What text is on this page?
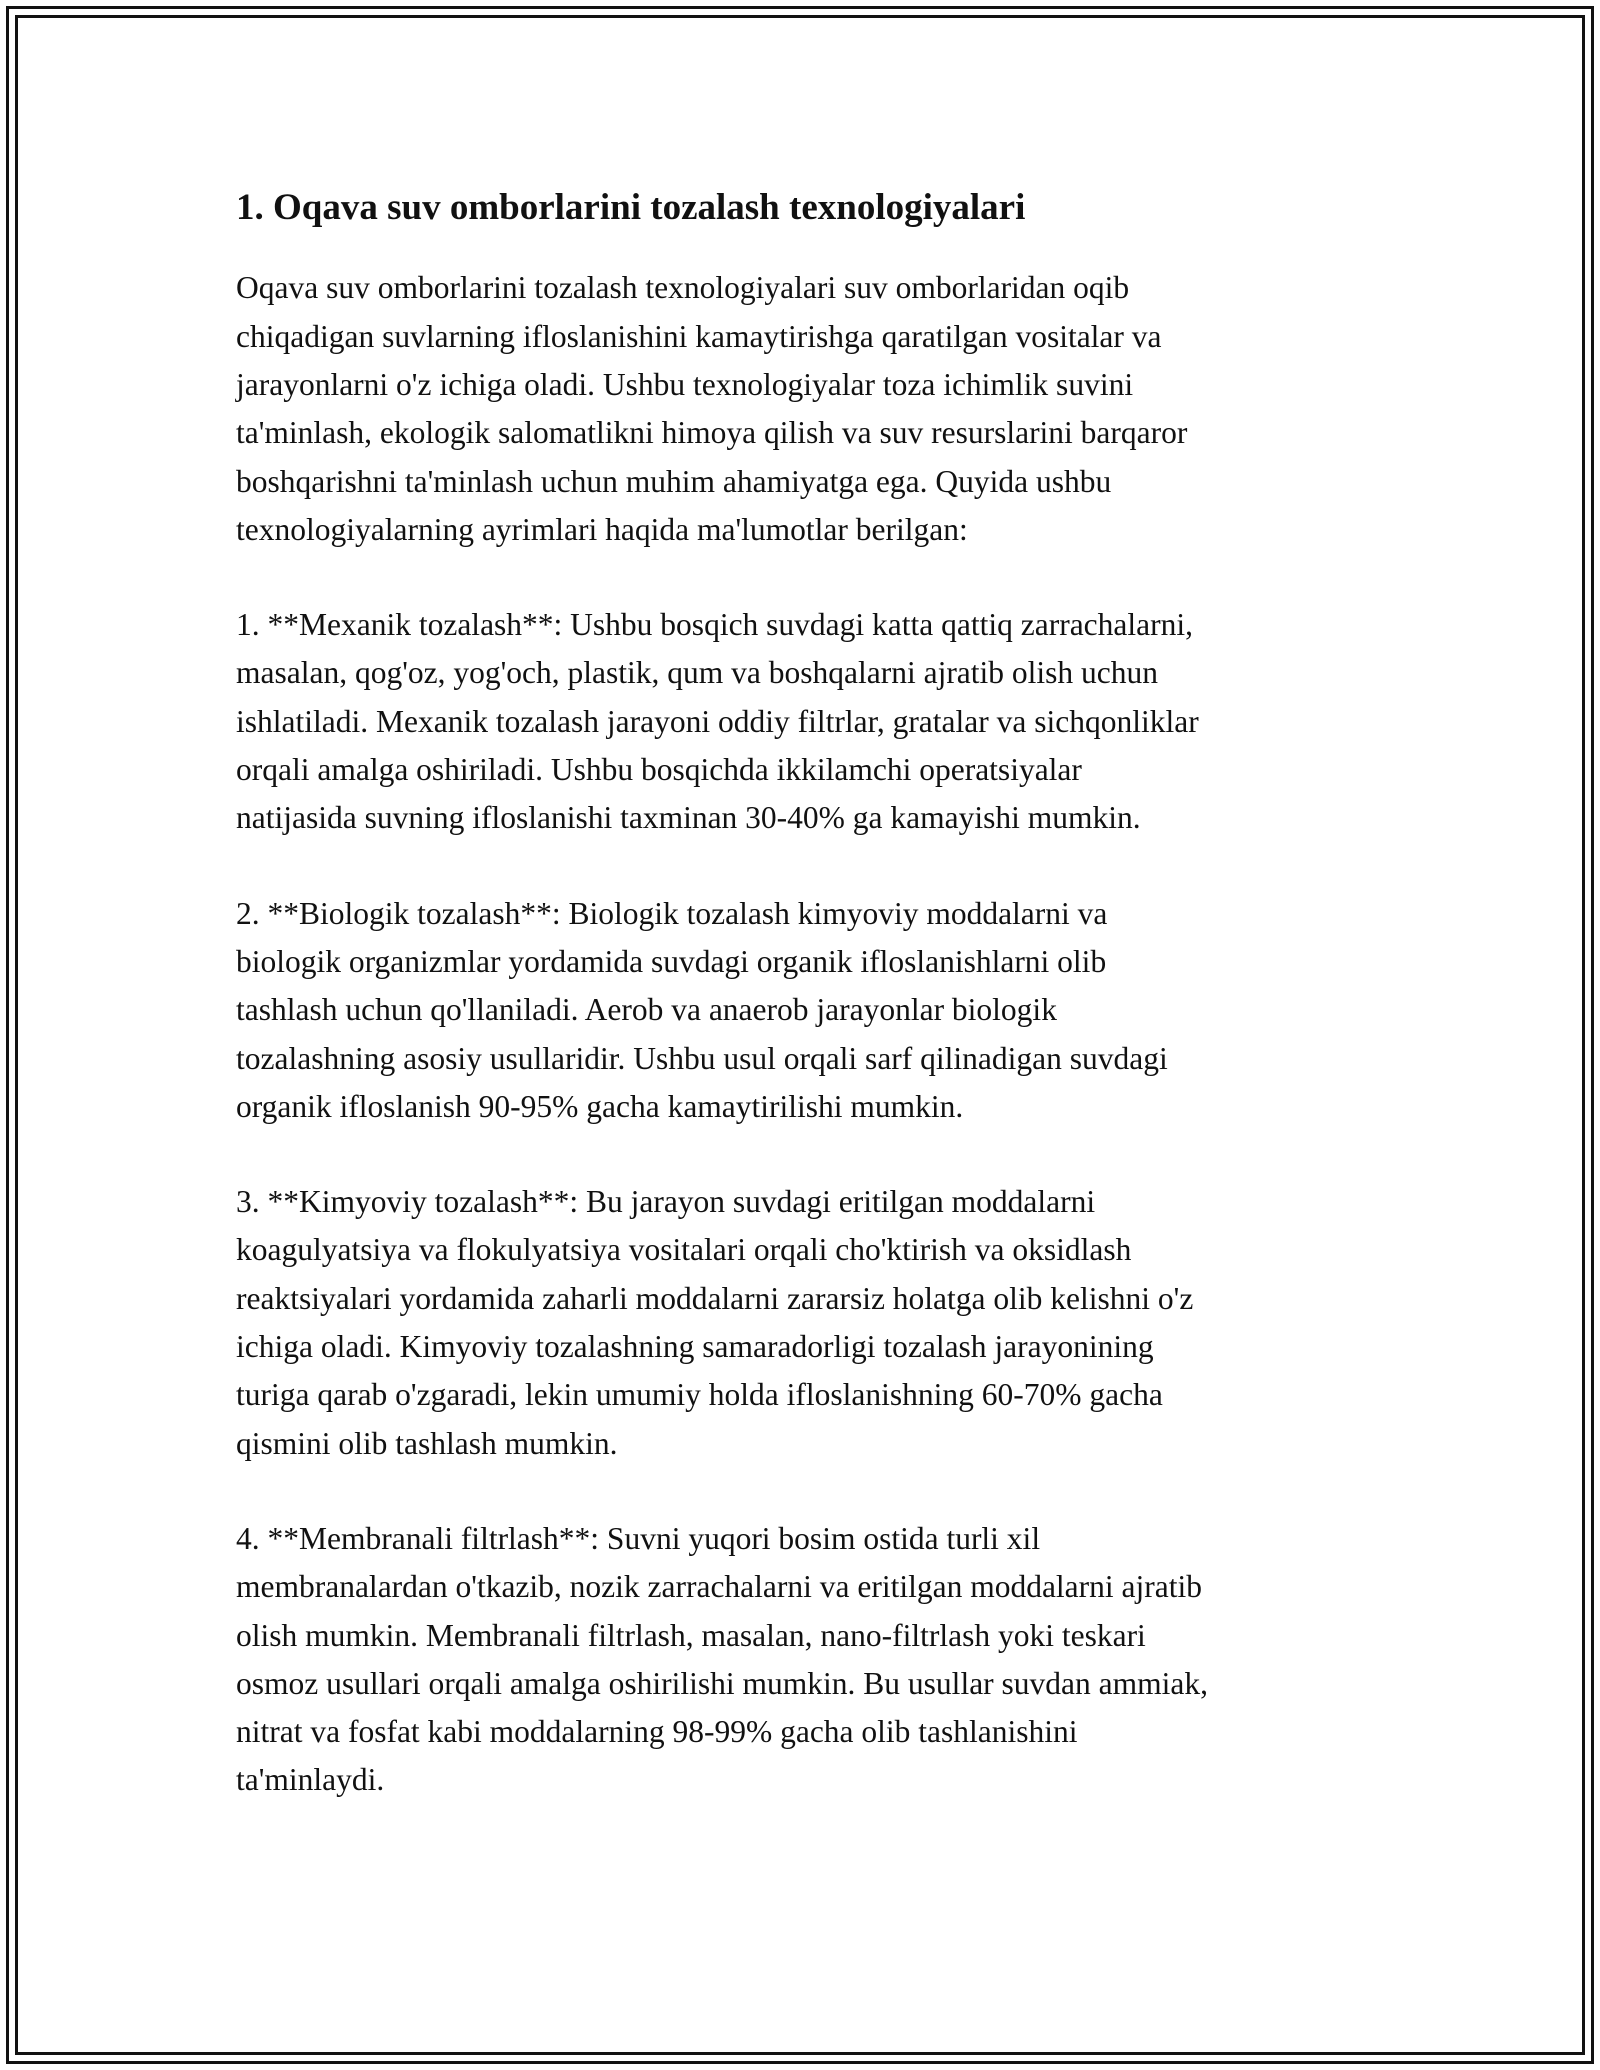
1. Oqava suv omborlarini tozalash texnologiyalari

Oqava suv omborlarini tozalash texnologiyalari suv omborlaridan oqib
chiqadigan suvlarning ifloslanishini kamaytirishga qaratilgan vositalar va
jarayonlarni o'z ichiga oladi. Ushbu texnologiyalar toza ichimlik suvini
ta'minlash, ekologik salomatlikni himoya qilish va suv resurslarini barqaror
boshqarishni ta'minlash uchun muhim ahamiyatga ega. Quyida ushbu
texnologiyalarning ayrimlari haqida ma'lumotlar berilgan:

1. **Mexanik tozalash**: Ushbu bosqich suvdagi katta qattiq zarrachalarni,
masalan, qog'oz, yog'och, plastik, qum va boshqalarni ajratib olish uchun
ishlatiladi. Mexanik tozalash jarayoni oddiy filtrlar, gratalar va sichqonliklar
orqali amalga oshiriladi. Ushbu bosqichda ikkilamchi operatsiyalar
natijasida suvning ifloslanishi taxminan 30-40% ga kamayishi mumkin.

2. **Biologik tozalash**: Biologik tozalash kimyoviy moddalarni va
biologik organizmlar yordamida suvdagi organik ifloslanishlarni olib
tashlash uchun qo'llaniladi. Aerob va anaerob jarayonlar biologik
tozalashning asosiy usullaridir. Ushbu usul orqali sarf qilinadigan suvdagi
organik ifloslanish 90-95% gacha kamaytirilishi mumkin.

3. **Kimyoviy tozalash**: Bu jarayon suvdagi eritilgan moddalarni
koagulyatsiya va flokulyatsiya vositalari orqali cho'ktirish va oksidlash
reaktsiyalari yordamida zaharli moddalarni zararsiz holatga olib kelishni o'z
ichiga oladi. Kimyoviy tozalashning samaradorligi tozalash jarayonining
turiga qarab o'zgaradi, lekin umumiy holda ifloslanishning 60-70% gacha
qismini olib tashlash mumkin.

4. **Membranali filtrlash**: Suvni yuqori bosim ostida turli xil
membranalardan o'tkazib, nozik zarrachalarni va eritilgan moddalarni ajratib
olish mumkin. Membranali filtrlash, masalan, nano-filtrlash yoki teskari
osmoz usullari orqali amalga oshirilishi mumkin. Bu usullar suvdan ammiak,
nitrat va fosfat kabi moddalarning 98-99% gacha olib tashlanishini
ta'minlaydi.
